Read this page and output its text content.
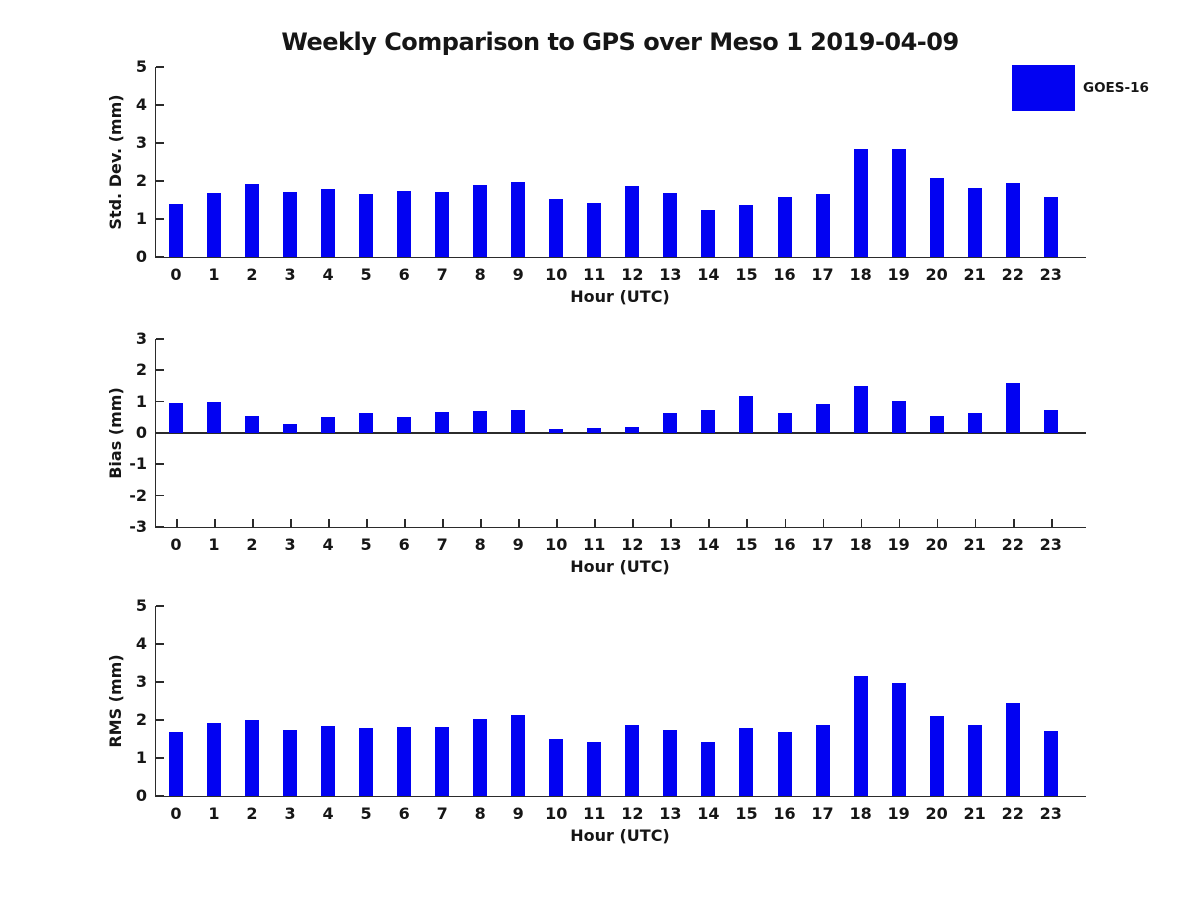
Weekly Comparison to GPS over Meso 1 2019-04-09
GOES-16
0
1
2
3
4
5
0	1	2	3	4	5	6	7	8	9	10 11 12 13 14 15 16 17 18 19 20 21 22 23
Std. Dev. (mm)
Hour (UTC)
-3
-2
-1
0
1
2
3
0	1	2	3	4	5	6	7	8	9	10 11 12 13 14 15 16 17 18 19 20 21 22 23
Bias (mm)
Hour (UTC)
0
1
2
3
4
5
0	1	2	3	4	5	6	7	8	9	10 11 12 13 14 15 16 17 18 19 20 21 22 23
RMS (mm)
Hour (UTC)
